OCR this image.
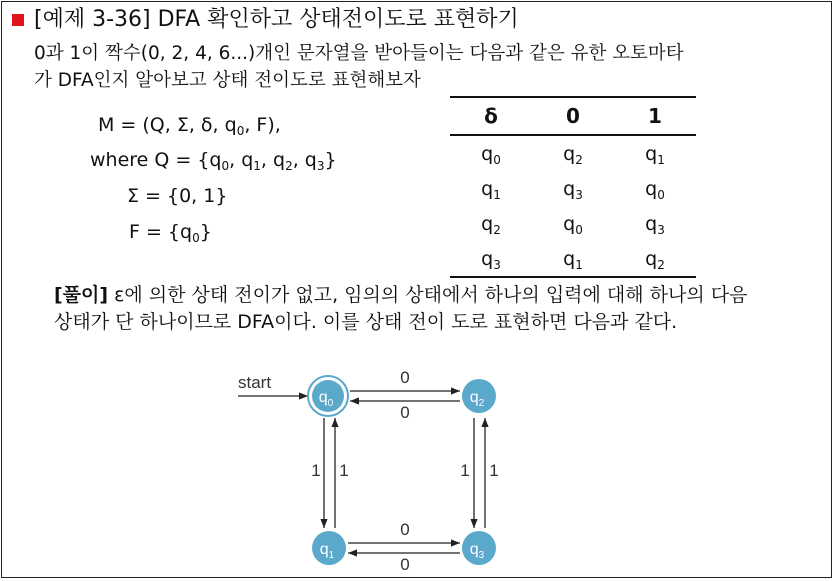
[예제 3-36] DFA 확인하고 상태전이도로 표현하기
0과 1이 짝수(0, 2, 4, 6...)개인 문자열을 받아들이는 다음과 같은 유한 오토마타
가 DFA인지 알아보고 상태 전이도로 표현해보자
M = (Q, Σ, δ, $q_0$, F),
where $Q = \{q_0$, $q_1$, $q_2$, $q_3$}
Σ = {0, 1}
$F = \{q_0\}$
δ	0	1
$q_0$	$q_2$	$q_1$
$q_1$	$q_3$	$q_0$
$q_2$	$q_0$	$q_3$
$q_3$	$q_1$	$q_2$
[풀이] ε에 의한 상태 전이가 없고, 임의의 상태에서 하나의 입력에 대해 하나의 다음
상태가 단 하나이므로 DFA이다. 이를 상태 전이 도로 표현하면 다음과 같다.
start	0
0
0
0
1 1	1 1
$q_0$	$q_2$
$q_1$	$q_3$
